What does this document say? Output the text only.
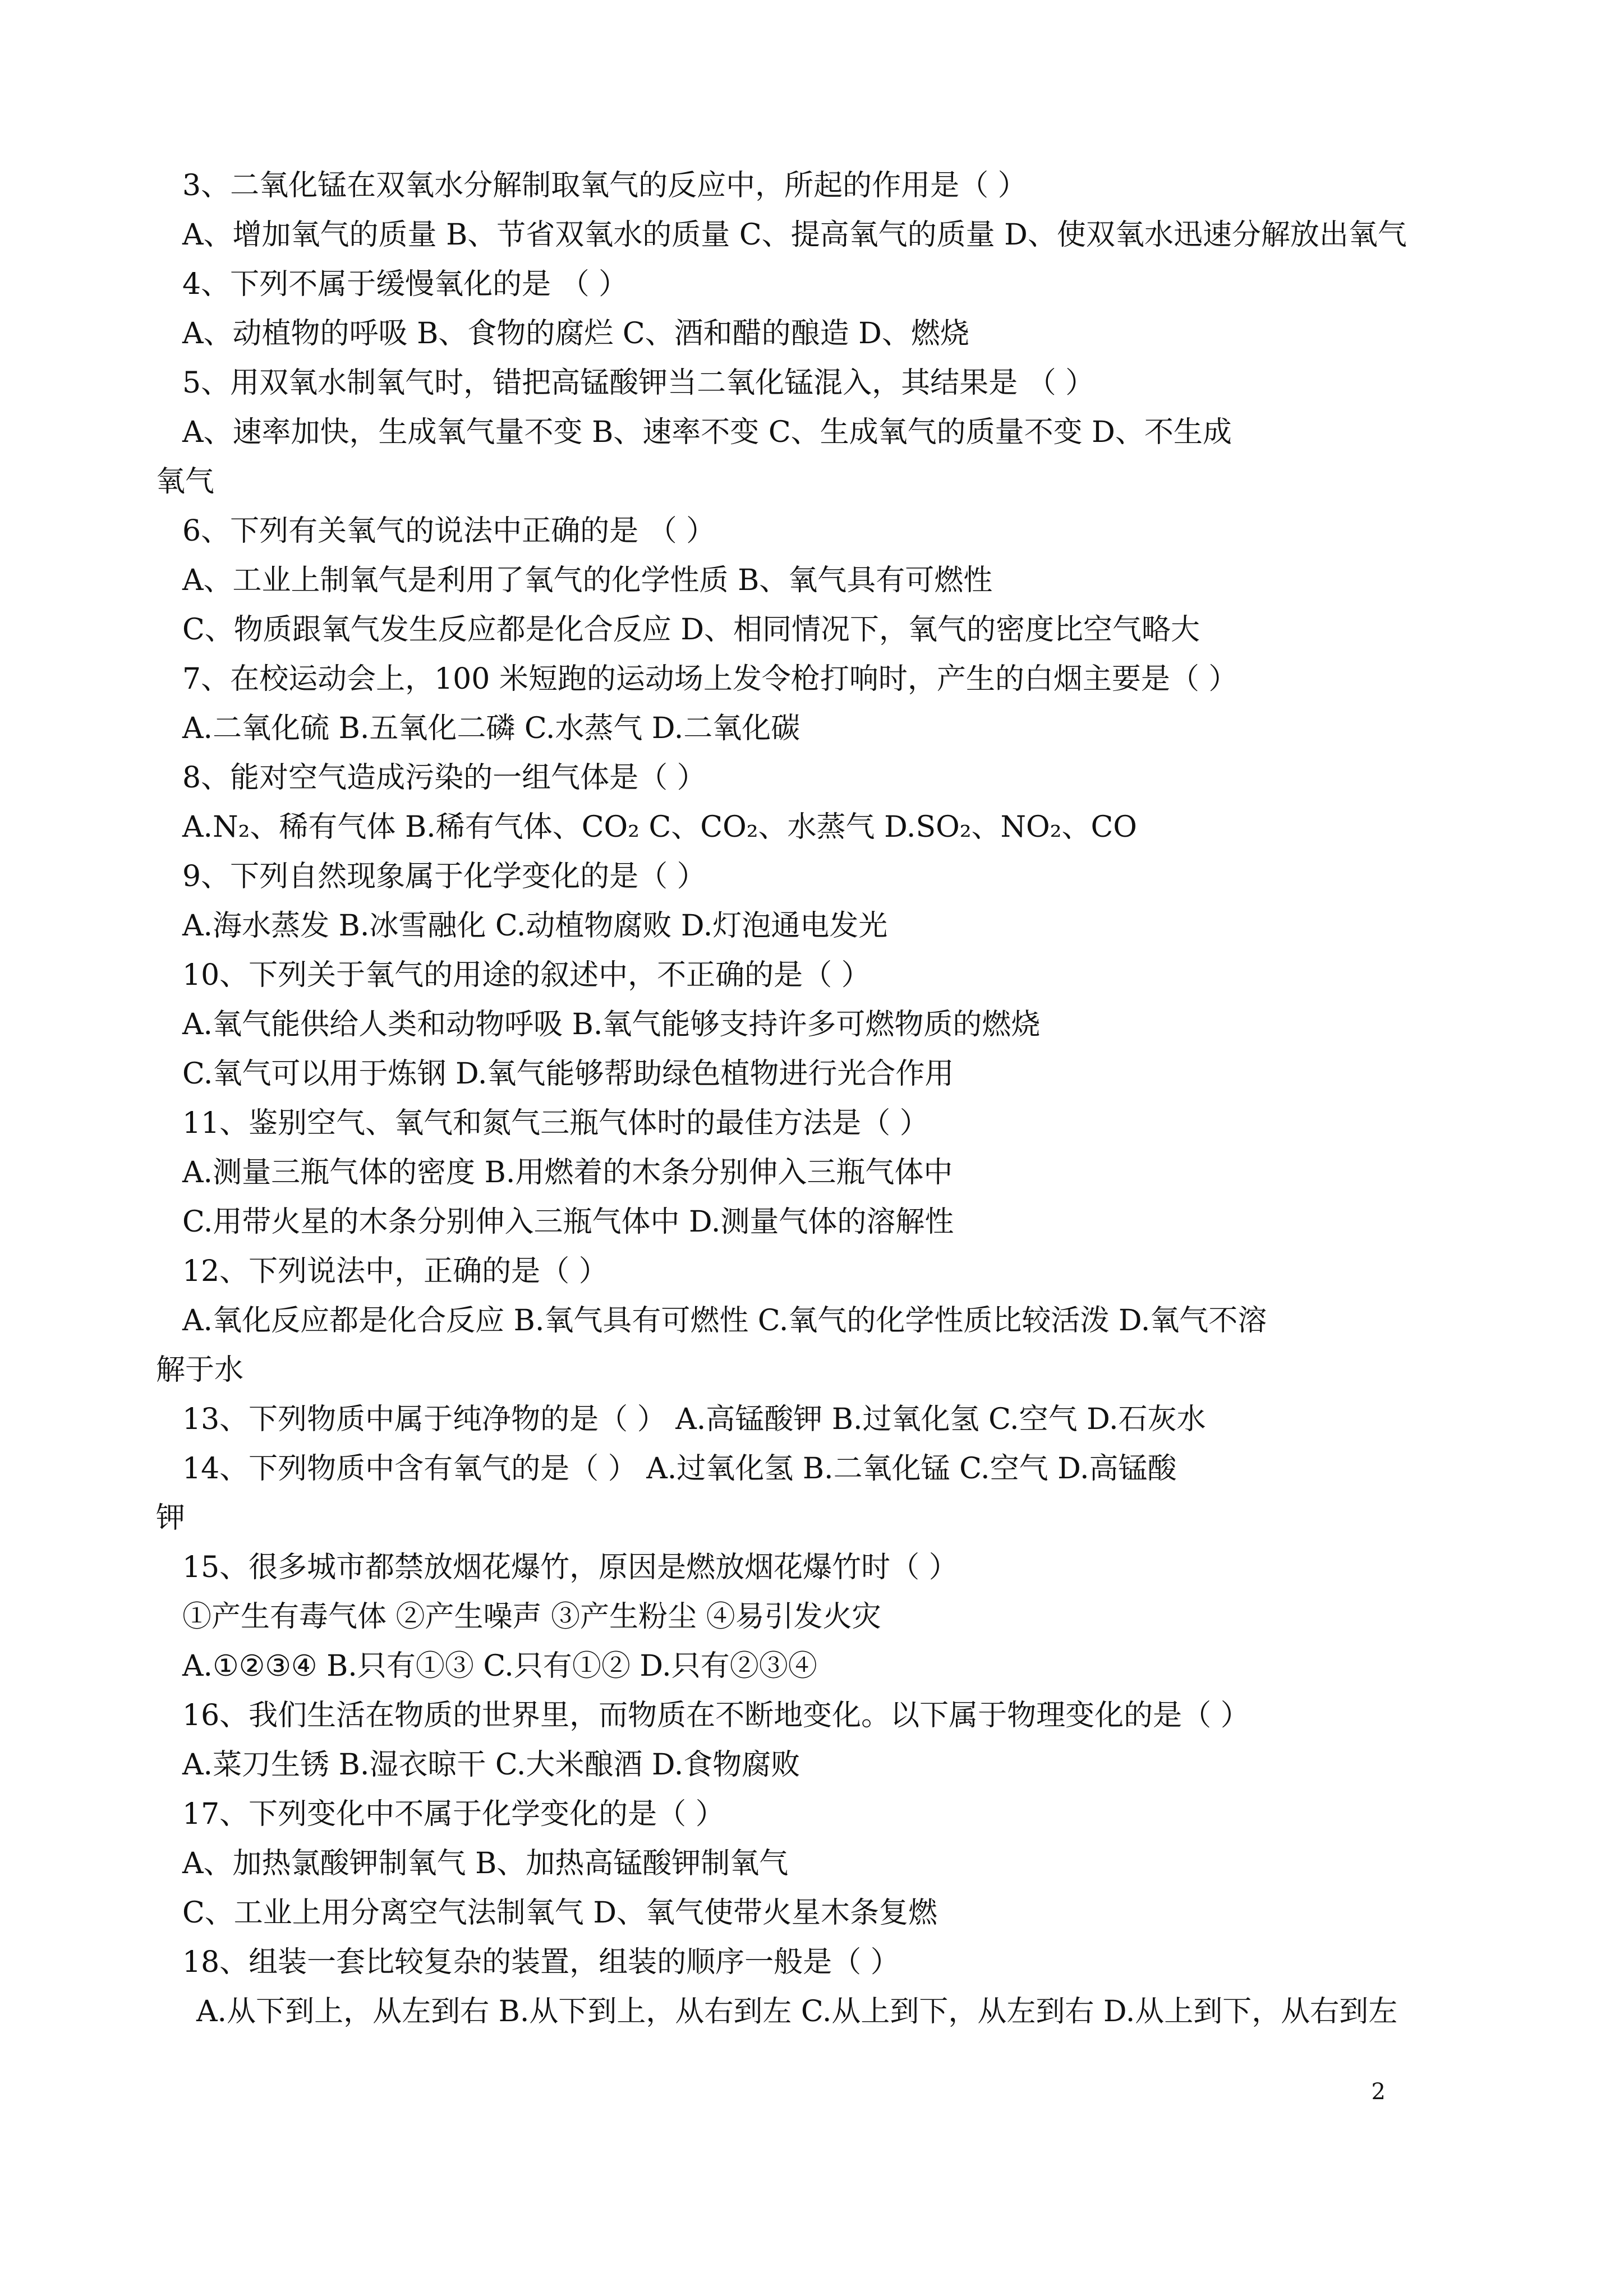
3、二氧化锰在双氧水分解制取氧气的反应中，所起的作用是（ ）
A、增加氧气的质量 B、节省双氧水的质量 C、提高氧气的质量 D、使双氧水迅速分解放出氧气
4、下列不属于缓慢氧化的是 （ ）
A、动植物的呼吸 B、食物的腐烂 C、酒和醋的酿造 D、燃烧
5、用双氧水制氧气时，错把高锰酸钾当二氧化锰混入，其结果是 （ ）
A、速率加快，生成氧气量不变 B、速率不变 C、生成氧气的质量不变 D、不生成
氧气
6、下列有关氧气的说法中正确的是 （ ）
A、工业上制氧气是利用了氧气的化学性质 B、氧气具有可燃性
C、物质跟氧气发生反应都是化合反应 D、相同情况下，氧气的密度比空气略大
7、在校运动会上，100 米短跑的运动场上发令枪打响时，产生的白烟主要是（ ）
A.二氧化硫 B.五氧化二磷 C.水蒸气 D.二氧化碳
8、能对空气造成污染的一组气体是（ ）
A.N₂、稀有气体 B.稀有气体、CO₂ C、CO₂、水蒸气 D.SO₂、NO₂、CO
9、下列自然现象属于化学变化的是（ ）
A.海水蒸发 B.冰雪融化 C.动植物腐败 D.灯泡通电发光
10、下列关于氧气的用途的叙述中，不正确的是（ ）
A.氧气能供给人类和动物呼吸 B.氧气能够支持许多可燃物质的燃烧
C.氧气可以用于炼钢 D.氧气能够帮助绿色植物进行光合作用
11、鉴别空气、氧气和氮气三瓶气体时的最佳方法是（ ）
A.测量三瓶气体的密度 B.用燃着的木条分别伸入三瓶气体中
C.用带火星的木条分别伸入三瓶气体中 D.测量气体的溶解性
12、下列说法中，正确的是（ ）
A.氧化反应都是化合反应 B.氧气具有可燃性 C.氧气的化学性质比较活泼 D.氧气不溶
解于水
13、下列物质中属于纯净物的是（ ） A.高锰酸钾 B.过氧化氢 C.空气 D.石灰水
14、下列物质中含有氧气的是（ ） A.过氧化氢 B.二氧化锰 C.空气 D.高锰酸
钾
15、很多城市都禁放烟花爆竹，原因是燃放烟花爆竹时（ ）
①产生有毒气体 ②产生噪声 ③产生粉尘 ④易引发火灾
A.①②③④ B.只有①③ C.只有①② D.只有②③④
16、我们生活在物质的世界里，而物质在不断地变化。以下属于物理变化的是（ ）
A.菜刀生锈 B.湿衣晾干 C.大米酿酒 D.食物腐败
17、下列变化中不属于化学变化的是（ ）
A、加热氯酸钾制氧气 B、加热高锰酸钾制氧气
C、工业上用分离空气法制氧气 D、氧气使带火星木条复燃
18、组装一套比较复杂的装置，组装的顺序一般是（ ）
A.从下到上，从左到右 B.从下到上，从右到左 C.从上到下，从左到右 D.从上到下，从右到左
2
